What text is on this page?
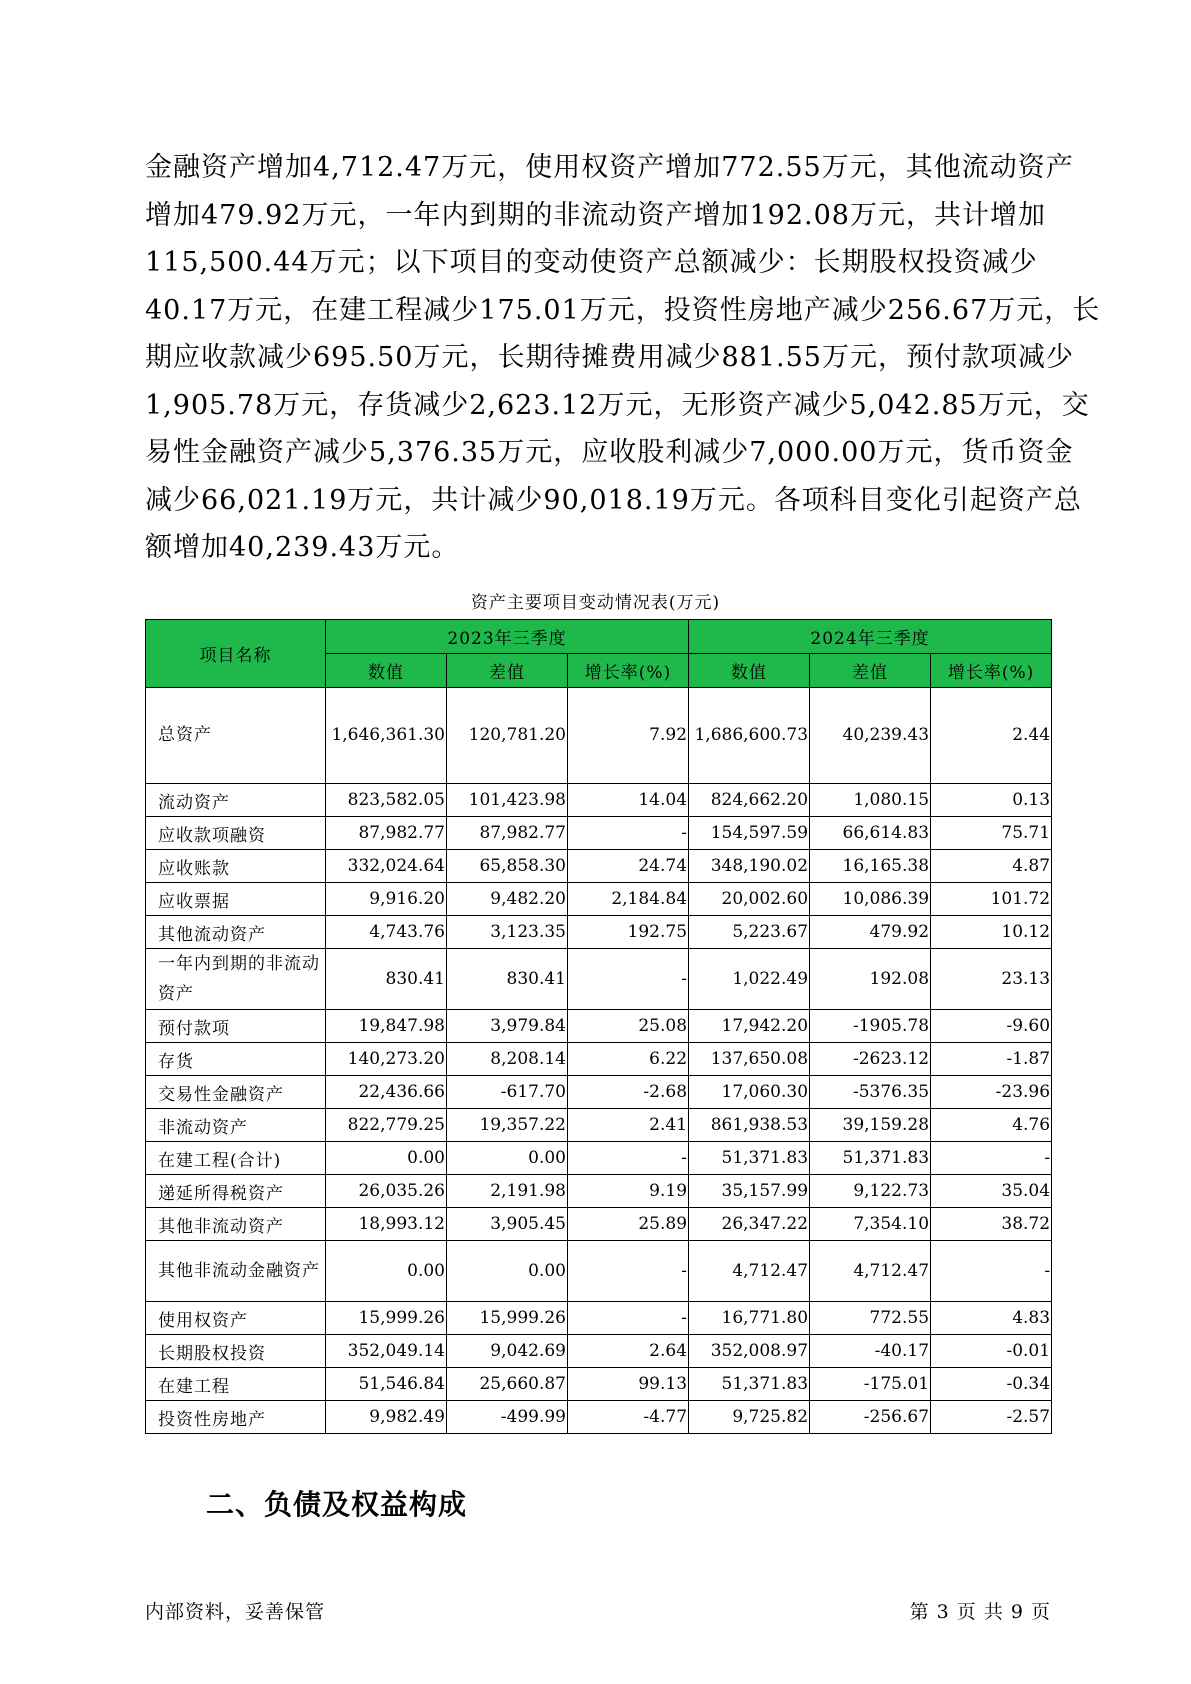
金融资产增加4,712.47万元，使用权资产增加772.55万元，其他流动资产
增加479.92万元，一年内到期的非流动资产增加192.08万元，共计增加
115,500.44万元；以下项目的变动使资产总额减少：长期股权投资减少
40.17万元，在建工程减少175.01万元，投资性房地产减少256.67万元，长
期应收款减少695.50万元，长期待摊费用减少881.55万元，预付款项减少
1,905.78万元，存货减少2,623.12万元，无形资产减少5,042.85万元，交
易性金融资产减少5,376.35万元，应收股利减少7,000.00万元，货币资金
减少66,021.19万元，共计减少90,018.19万元。各项科目变化引起资产总
额增加40,239.43万元。
资产主要项目变动情况表(万元)
项目名称	2023年三季度			2024年三季度		
	数值	差值	增长率(%)	数值	差值	增长率(%)
总资产	1,646,361.30	120,781.20	7.92	1,686,600.73	40,239.43	2.44
流动资产	823,582.05	101,423.98	14.04	824,662.20	1,080.15	0.13
应收款项融资	87,982.77	87,982.77	-	154,597.59	66,614.83	75.71
应收账款	332,024.64	65,858.30	24.74	348,190.02	16,165.38	4.87
应收票据	9,916.20	9,482.20	2,184.84	20,002.60	10,086.39	101.72
其他流动资产	4,743.76	3,123.35	192.75	5,223.67	479.92	10.12
一年内到期的非流动资产	830.41	830.41	-	1,022.49	192.08	23.13
预付款项	19,847.98	3,979.84	25.08	17,942.20	-1905.78	-9.60
存货	140,273.20	8,208.14	6.22	137,650.08	-2623.12	-1.87
交易性金融资产	22,436.66	-617.70	-2.68	17,060.30	-5376.35	-23.96
非流动资产	822,779.25	19,357.22	2.41	861,938.53	39,159.28	4.76
在建工程(合计)	0.00	0.00	-	51,371.83	51,371.83	-
递延所得税资产	26,035.26	2,191.98	9.19	35,157.99	9,122.73	35.04
其他非流动资产	18,993.12	3,905.45	25.89	26,347.22	7,354.10	38.72
其他非流动金融资产	0.00	0.00	-	4,712.47	4,712.47	-
使用权资产	15,999.26	15,999.26	-	16,771.80	772.55	4.83
长期股权投资	352,049.14	9,042.69	2.64	352,008.97	-40.17	-0.01
在建工程	51,546.84	25,660.87	99.13	51,371.83	-175.01	-0.34
投资性房地产	9,982.49	-499.99	-4.77	9,725.82	-256.67	-2.57
二、负债及权益构成
内部资料，妥善保管	第 3 页 共 9 页
